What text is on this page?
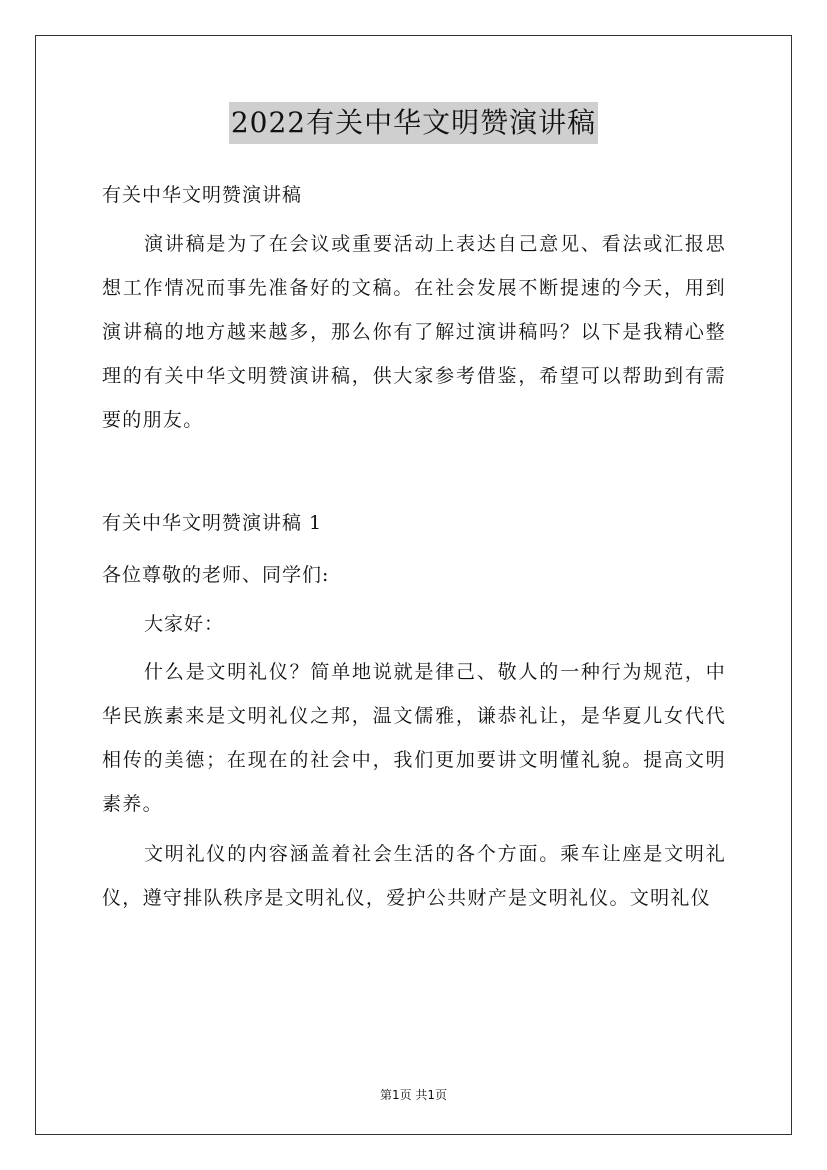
2022有关中华文明赞演讲稿
有关中华文明赞演讲稿

演讲稿是为了在会议或重要活动上表达自己意见、看法或汇报思想工作情况而事先准备好的文稿。在社会发展不断提速的今天，用到演讲稿的地方越来越多，那么你有了解过演讲稿吗？以下是我精心整理的有关中华文明赞演讲稿，供大家参考借鉴，希望可以帮助到有需要的朋友。

有关中华文明赞演讲稿 1
各位尊敬的老师、同学们:
大家好：

什么是文明礼仪？简单地说就是律己、敬人的一种行为规范，中华民族素来是文明礼仪之邦，温文儒雅，谦恭礼让，是华夏儿女代代相传的美德；在现在的社会中，我们更加要讲文明懂礼貌。提高文明素养。

文明礼仪的内容涵盖着社会生活的各个方面。乘车让座是文明礼仪，遵守排队秩序是文明礼仪，爱护公共财产是文明礼仪。文明礼仪

第1页 共1页
